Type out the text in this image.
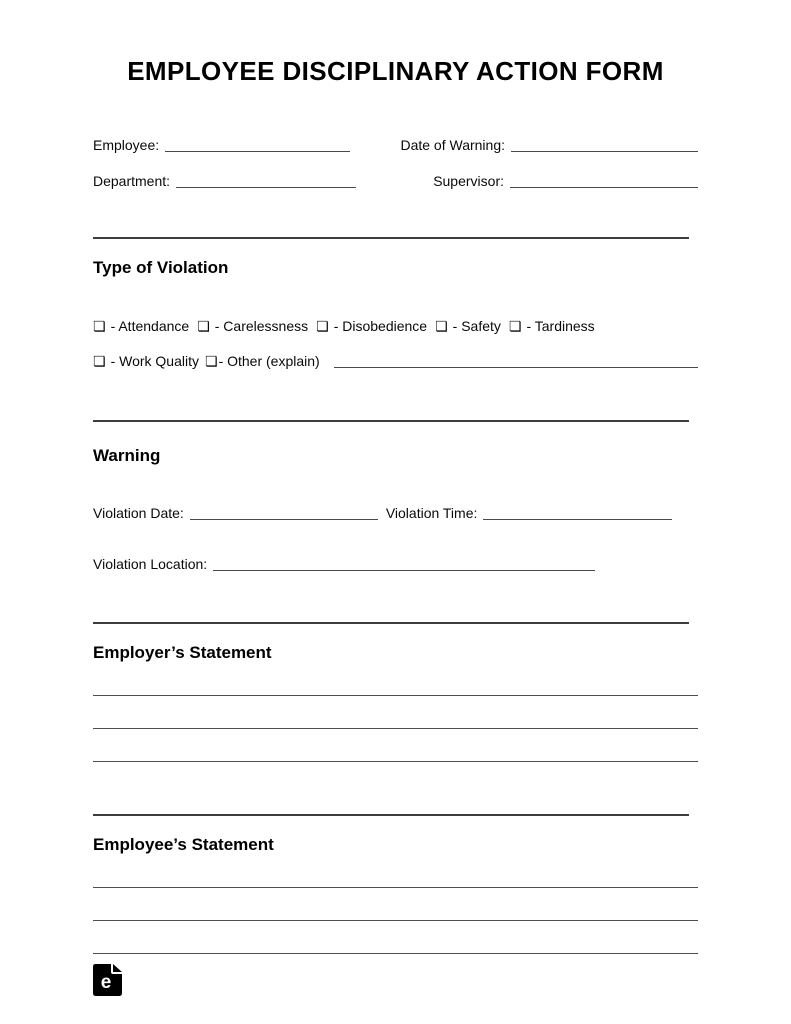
EMPLOYEE DISCIPLINARY ACTION FORM
Employee:	Date of Warning:
Department:	Supervisor:
Type of Violation
❏ - Attendance ❏ - Carelessness ❏ - Disobedience ❏ - Safety ❏ - Tardiness
❏ - Work Quality ❏ - Other (explain)
Warning
Violation Date:	Violation Time:
Violation Location:
Employer’s Statement
Employee’s Statement
e
